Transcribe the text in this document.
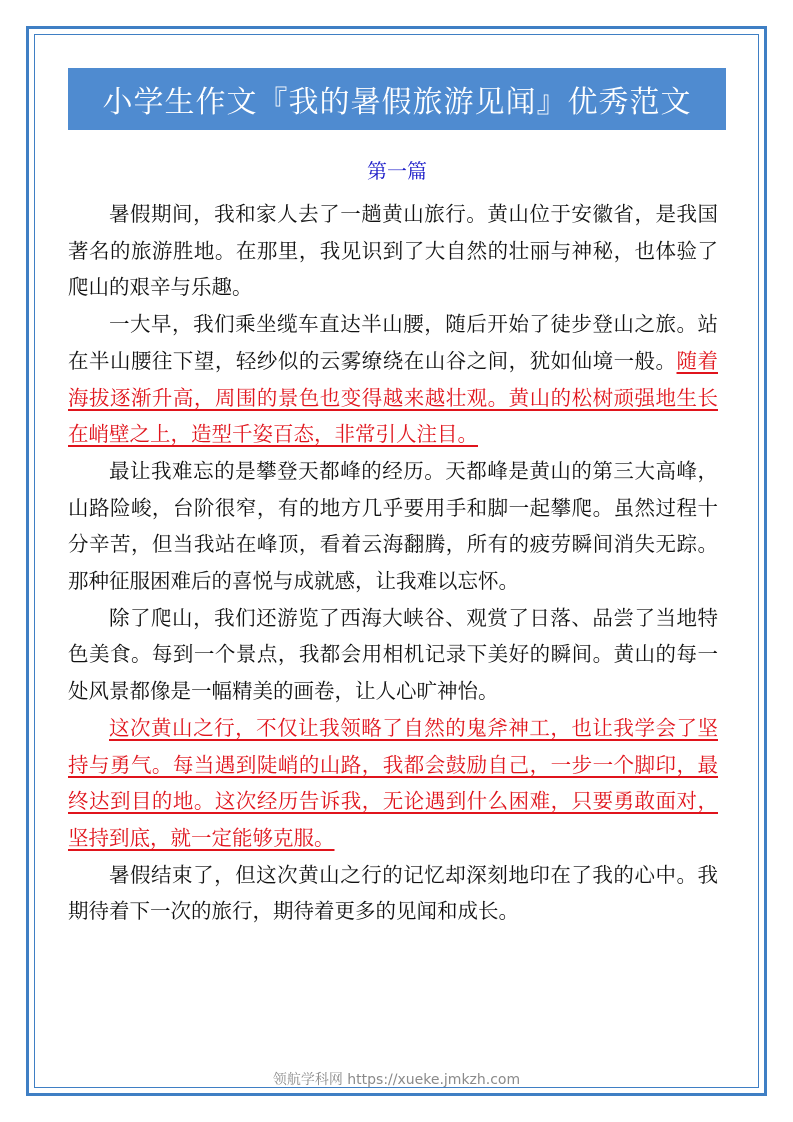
小学生作文『我的暑假旅游见闻』优秀范文
第一篇

暑假期间，我和家人去了一趟黄山旅行。黄山位于安徽省，是我国著名的旅游胜地。在那里，我见识到了大自然的壮丽与神秘，也体验了爬山的艰辛与乐趣。

一大早，我们乘坐缆车直达半山腰，随后开始了徒步登山之旅。站在半山腰往下望，轻纱似的云雾缭绕在山谷之间，犹如仙境一般。随着海拔逐渐升高，周围的景色也变得越来越壮观。黄山的松树顽强地生长在峭壁之上，造型千姿百态，非常引人注目。

最让我难忘的是攀登天都峰的经历。天都峰是黄山的第三大高峰，山路险峻，台阶很窄，有的地方几乎要用手和脚一起攀爬。虽然过程十分辛苦，但当我站在峰顶，看着云海翻腾，所有的疲劳瞬间消失无踪。那种征服困难后的喜悦与成就感，让我难以忘怀。

除了爬山，我们还游览了西海大峡谷、观赏了日落、品尝了当地特色美食。每到一个景点，我都会用相机记录下美好的瞬间。黄山的每一处风景都像是一幅精美的画卷，让人心旷神怡。

这次黄山之行，不仅让我领略了自然的鬼斧神工，也让我学会了坚持与勇气。每当遇到陡峭的山路，我都会鼓励自己，一步一个脚印，最终达到目的地。这次经历告诉我，无论遇到什么困难，只要勇敢面对，坚持到底，就一定能够克服。

暑假结束了，但这次黄山之行的记忆却深刻地印在了我的心中。我期待着下一次的旅行，期待着更多的见闻和成长。

领航学科网 https://xueke.jmkzh.com
